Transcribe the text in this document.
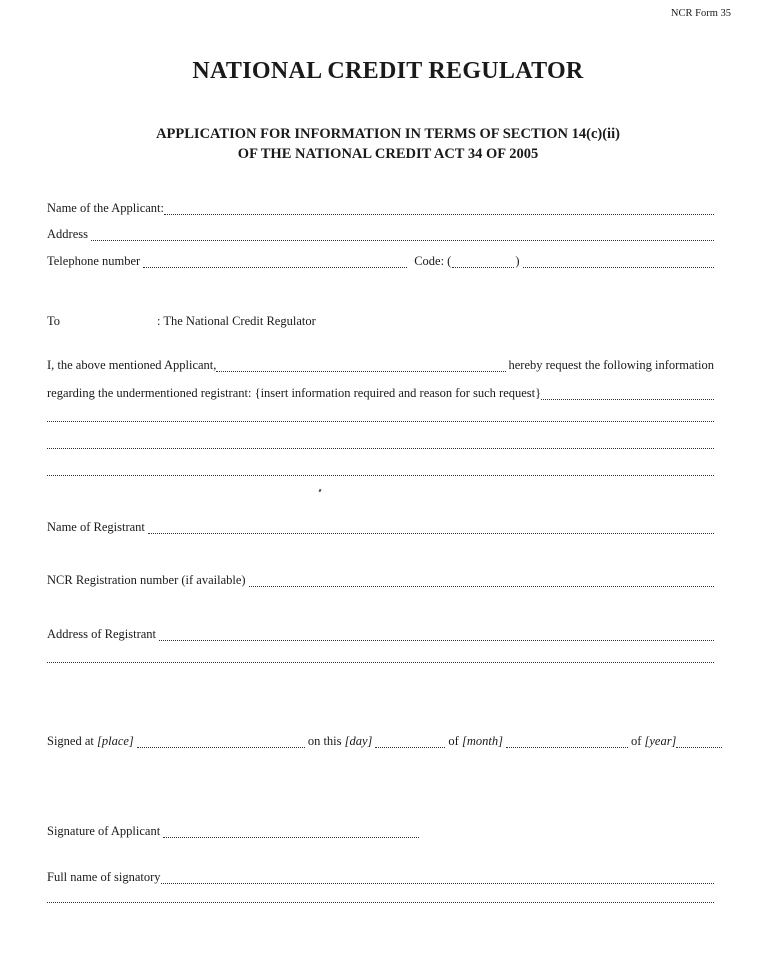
NCR Form 35
NATIONAL CREDIT REGULATOR
APPLICATION FOR INFORMATION IN TERMS OF SECTION 14(c)(ii)
OF THE NATIONAL CREDIT ACT 34 OF 2005
Name of the Applicant:
Address
Telephone number	Code: (	)
To	: The National Credit Regulator
I, the above mentioned Applicant,	hereby request the following information
regarding the undermentioned registrant: {insert information required and reason for such request}
Name of Registrant
NCR Registration number (if available)
Address of Registrant
Signed at [place]	on this [day]	of [month]	of [year]
Signature of Applicant
Full name of signatory
